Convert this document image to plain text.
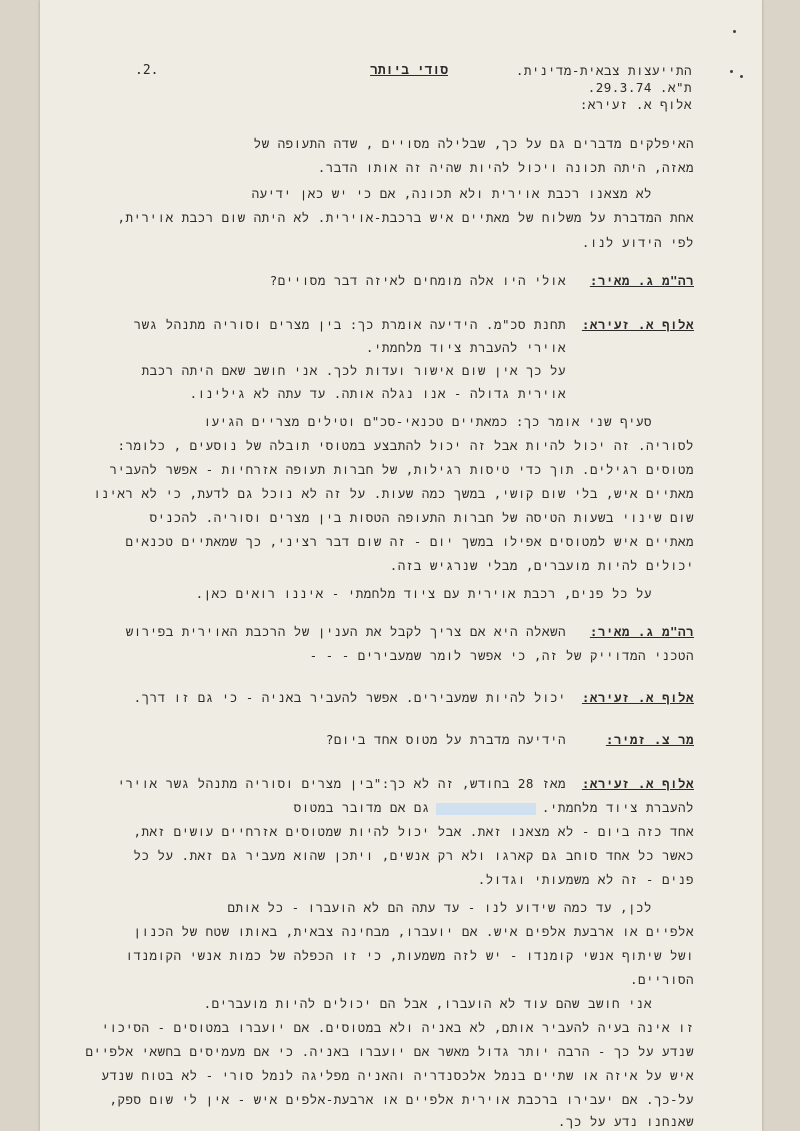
.2.	סודי ביותר	התייעצות צבאית-מדינית.
ת"א. 29.3.74.
אלוף א. זעירא:
האיפלקים מדברים גם על כך, שבלילה מסויים , שדה התעופה של
מאזה, היתה תכונה ויכול להיות שהיה זה אותו הדבר.
לא מצאנו רכבת אוירית ולא תכונה, אם כי יש כאן ידיעה
אחת המדברת על משלוח של מאתיים איש ברכבת-אוירית. לא היתה שום רכבת אוירית,
לפי הידוע לנו.
רה"מ ג. מאיר:
אולי היו אלה מומחים לאיזה דבר מסויים?
אלוף א. זעירא:
תחנת סכ"מ. הידיעה אומרת כך: בין מצרים וסוריה מתנהל גשר
אוירי להעברת ציוד מלחמתי.
על כך אין שום אישור ועדות לכך. אני חושב שאם היתה רכבת
אוירית גדולה - אנו נגלה אותה. עד עתה לא גילינו.
סעיף שני אומר כך: כמאתיים טכנאי-סכ"ם וטילים מצריים הגיעו
לסוריה. זה יכול להיות אבל זה יכול להתבצע במטוסי תובלה של נוסעים , כלומר:
מטוסים רגילים. תוך כדי טיסות רגילות, של חברות תעופה אזרחיות - אפשר להעביר
מאתיים איש, בלי שום קושי, במשך כמה שעות. על זה לא נוכל גם לדעת, כי לא ראינו
שום שינוי בשעות הטיסה של חברות התעופה הטסות בין מצרים וסוריה. להכניס
מאתיים איש למטוסים אפילו במשך יום - זה שום דבר רציני, כך שמאתיים טכנאים
יכולים להיות מועברים, מבלי שנרגיש בזה.
על כל פנים, רכבת אוירית עם ציוד מלחמתי - איננו רואים כאן.
רה"מ ג. מאיר:
השאלה היא אם צריך לקבל את הענין של הרכבת האוירית בפירוש
הטכני המדוייק של זה, כי אפשר לומר שמעבירים - - -
אלוף א. זעירא:
יכול להיות שמעבירים. אפשר להעביר באניה - כי גם זו דרך.
מר צ. זמיר:
הידיעה מדברת על מטוס אחד ביום?
אלוף א. זעירא:
מאז 28 בחודש, זה לא כך:"בין מצרים וסוריה מתנהל גשר אוירי
להעברת ציוד מלחמתי.גם אם מדובר במטוס
אחד כזה ביום - לא מצאנו זאת. אבל יכול להיות שמטוסים אזרחיים עושים זאת,
כאשר כל אחד סוחב גם קארגו ולא רק אנשים, ויתכן שהוא מעביר גם זאת. על כל
פנים - זה לא משמעותי וגדול.
לכן, עד כמה שידוע לנו - עד עתה הם לא הועברו - כל אותם
אלפיים או ארבעת אלפים איש. אם יועברו, מבחינה צבאית, באותו שטח של הכנון
ושל שיתוף אנשי קומנדו - יש לזה משמעות, כי זו הכפלה של כמות אנשי הקומנדו
הסוריים.
אני חושב שהם עוד לא הועברו, אבל הם יכולים להיות מועברים.
זו אינה בעיה להעביר אותם, לא באניה ולא במטוסים. אם יועברו במטוסים - הסיכוי
שנדע על כך - הרבה יותר גדול מאשר אם יועברו באניה. כי אם מעמיסים בחשאי אלפיים
איש על איזה או שתיים בנמל אלכסנדריה והאניה מפליגה לנמל סורי - לא בטוח שנדע
על-כך. אם יעבירו ברכבת אוירית אלפיים או ארבעת-אלפים איש - אין לי שום ספק,
שאנחנו נדע על כך.
